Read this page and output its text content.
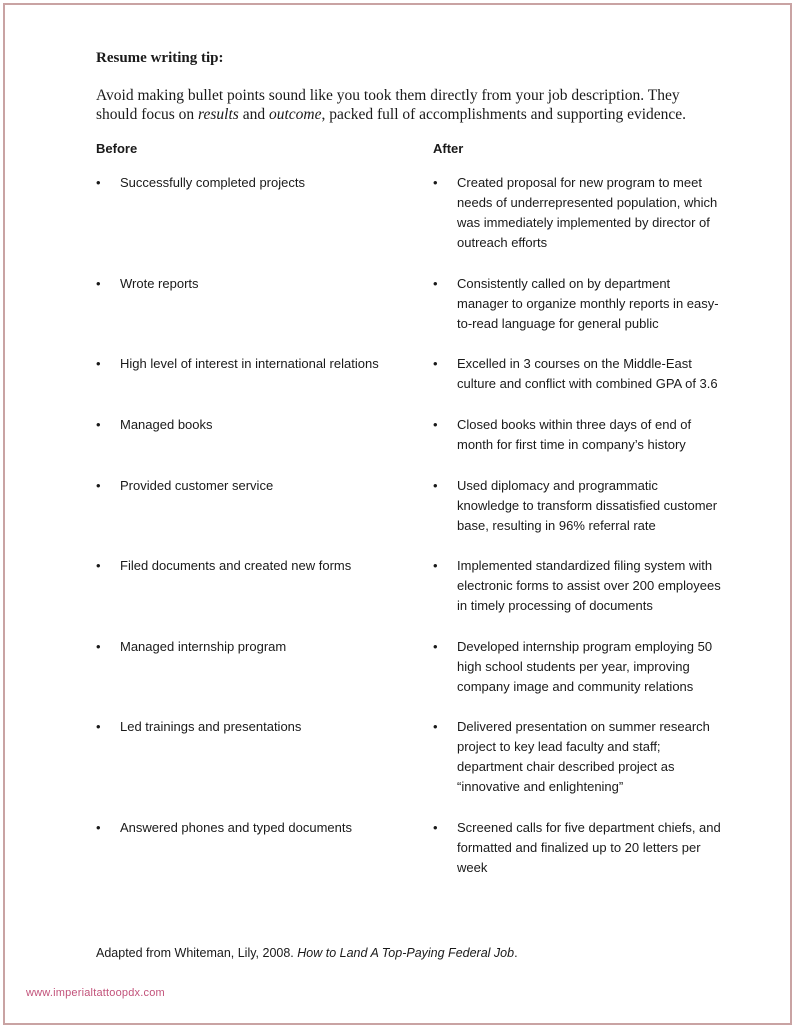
Resume writing tip:
Avoid making bullet points sound like you took them directly from your job description. They
should focus on results and outcome, packed full of accomplishments and supporting evidence.
Before	After
•	Successfully completed projects	•	Created proposal for new program to meet
needs of underrepresented population, which
was immediately implemented by director of
outreach efforts
•	Wrote reports	•	Consistently called on by department
manager to organize monthly reports in easy-
to-read language for general public
•	High level of interest in international relations	•	Excelled in 3 courses on the Middle-East
culture and conflict with combined GPA of 3.6
•	Managed books	•	Closed books within three days of end of
month for first time in company’s history
•	Provided customer service	•	Used diplomacy and programmatic
knowledge to transform dissatisfied customer
base, resulting in 96% referral rate
•	Filed documents and created new forms	•	Implemented standardized filing system with
electronic forms to assist over 200 employees
in timely processing of documents
•	Managed internship program	•	Developed internship program employing 50
high school students per year, improving
company image and community relations
•	Led trainings and presentations	•	Delivered presentation on summer research
project to key lead faculty and staff;
department chair described project as
“innovative and enlightening”
•	Answered phones and typed documents	•	Screened calls for five department chiefs, and
formatted and finalized up to 20 letters per
week
Adapted from Whiteman, Lily, 2008. How to Land A Top-Paying Federal Job.
www.imperialtattoopdx.com
